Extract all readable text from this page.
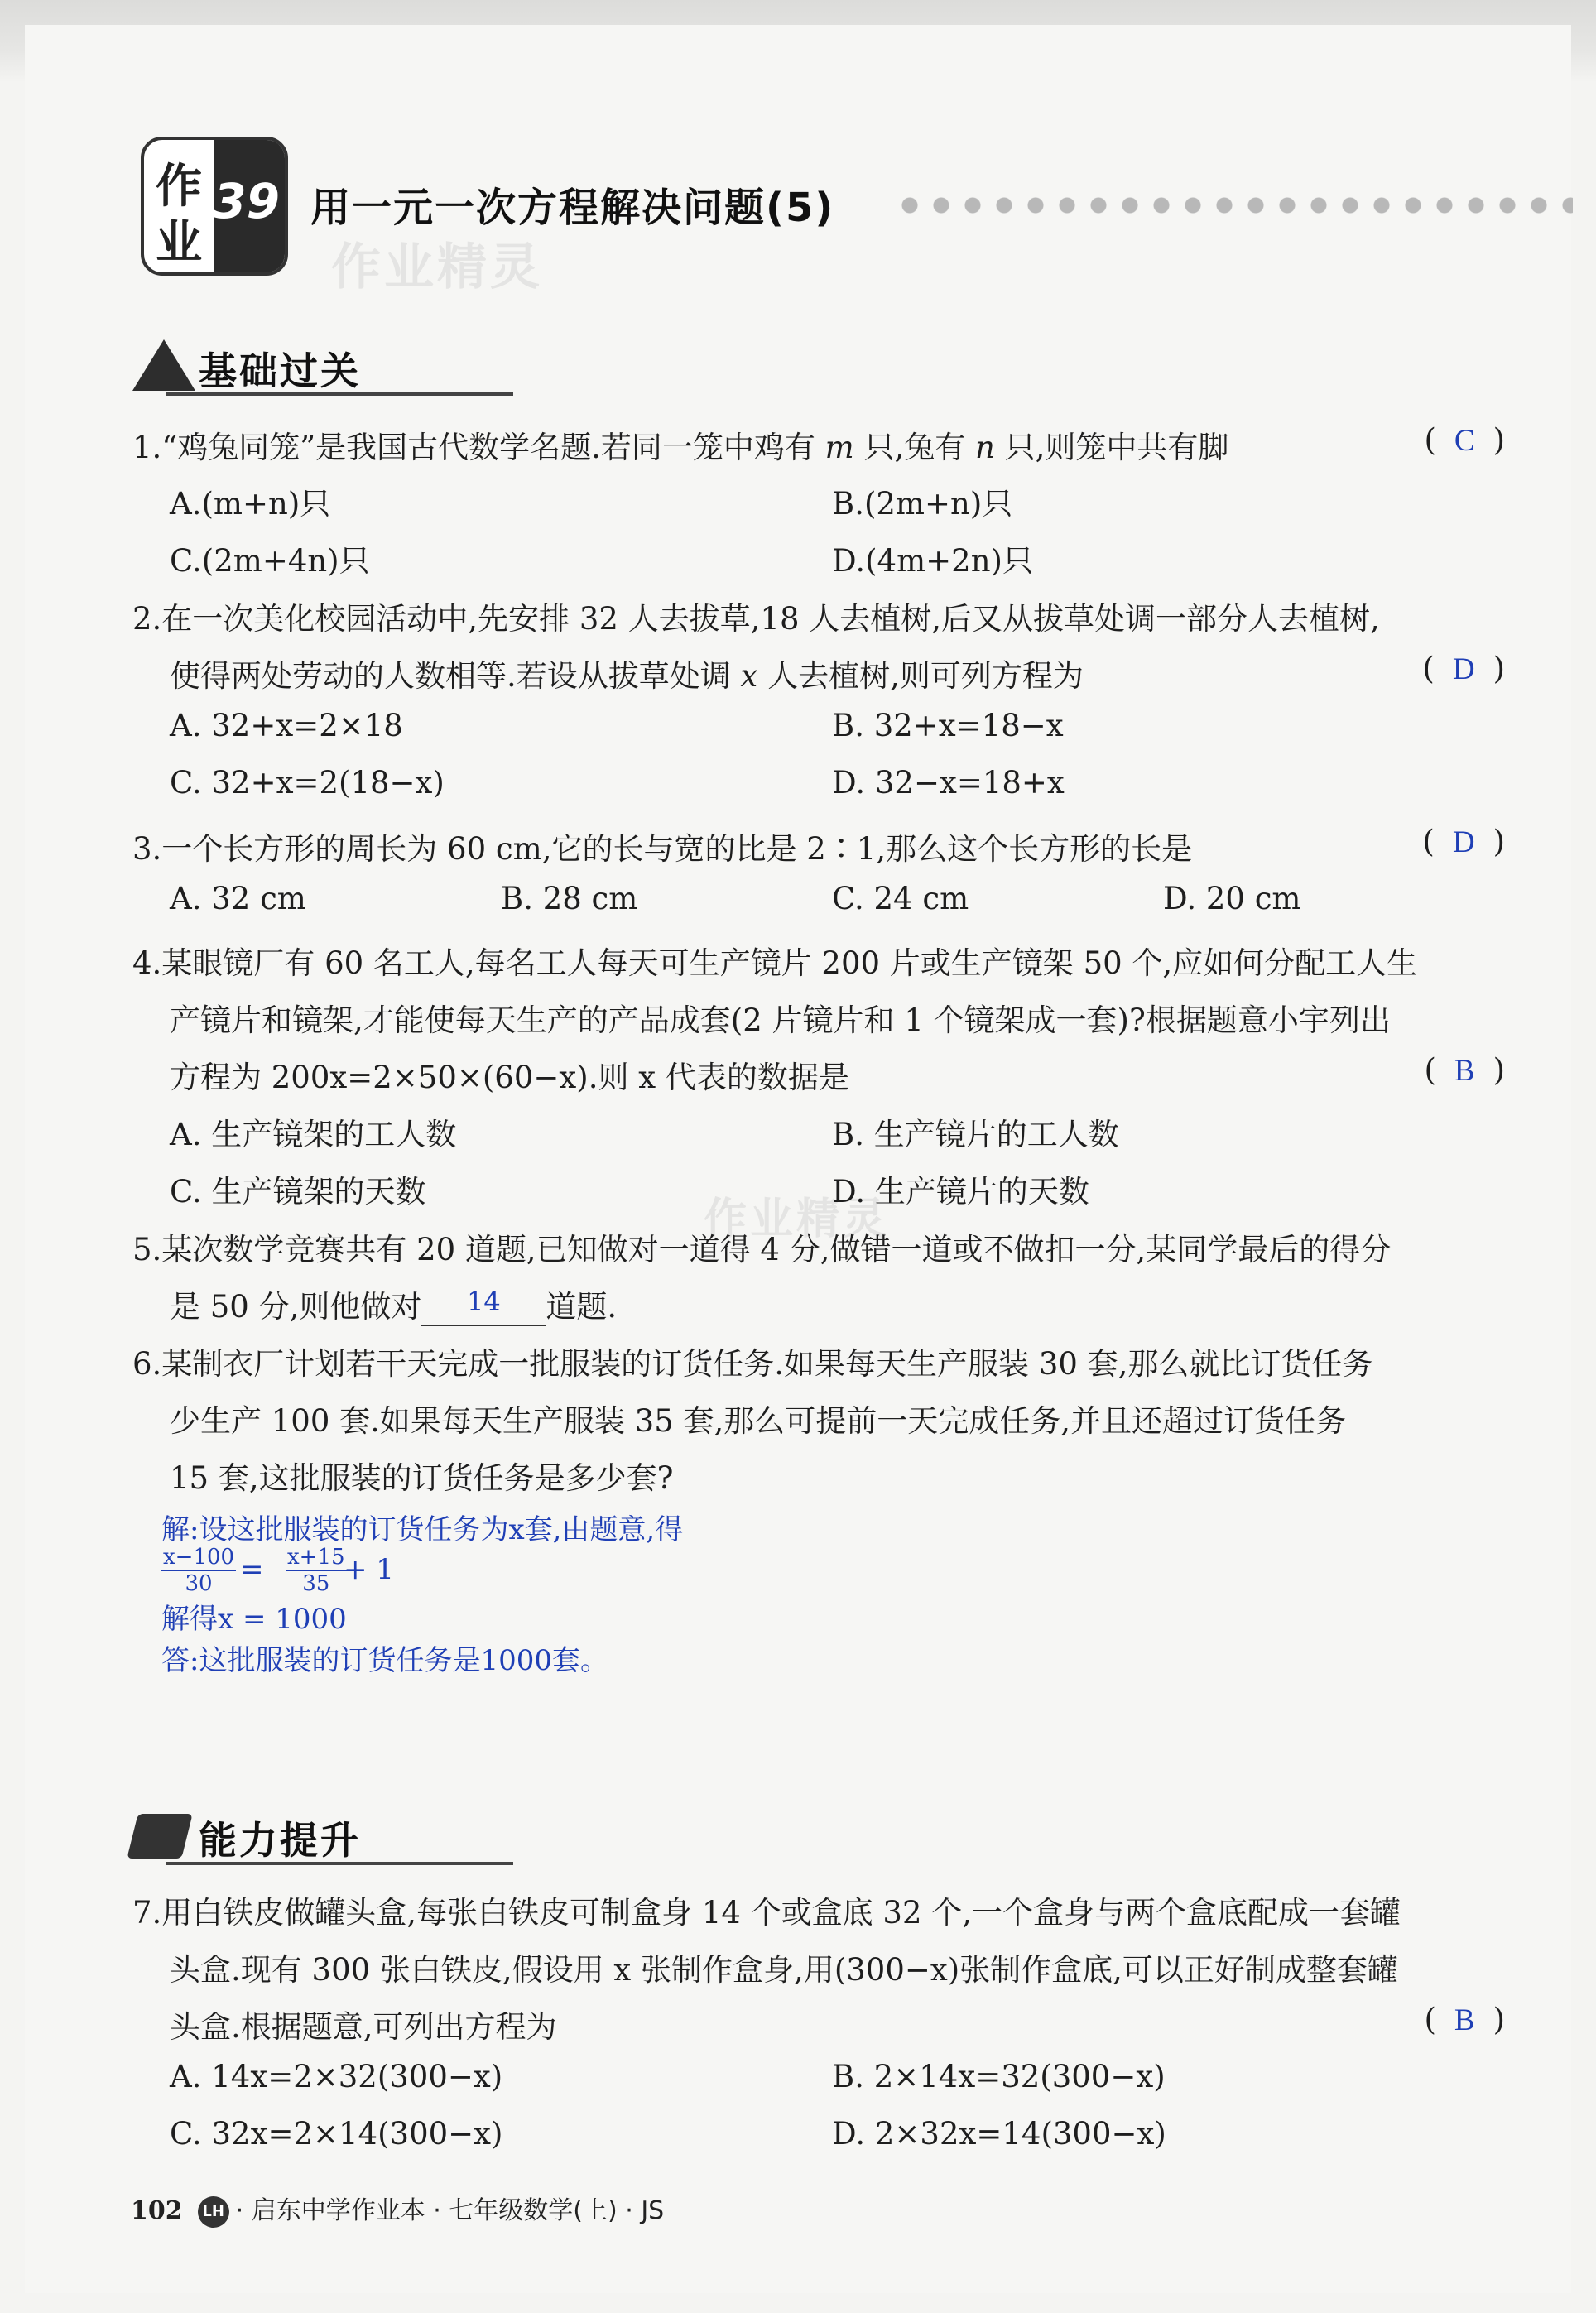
作
业
39 用一元一次方程解决问题(5)
作业精灵
作业精灵
基础过关
1.“鸡兔同笼”是我国古代数学名题.若同一笼中鸡有 m 只,兔有 n 只,则笼中共有脚	( C )
A.(m+n)只	B.(2m+n)只
C.(2m+4n)只	D.(4m+2n)只
2.在一次美化校园活动中,先安排 32 人去拔草,18 人去植树,后又从拔草处调一部分人去植树,
使得两处劳动的人数相等.若设从拔草处调 x 人去植树,则可列方程为	( D )
A. 32+x=2×18	B. 32+x=18−x
C. 32+x=2(18−x)	D. 32−x=18+x
3.一个长方形的周长为 60 cm,它的长与宽的比是 2∶1,那么这个长方形的长是	( D )
A. 32 cm	B. 28 cm	C. 24 cm	D. 20 cm
4.某眼镜厂有 60 名工人,每名工人每天可生产镜片 200 片或生产镜架 50 个,应如何分配工人生
产镜片和镜架,才能使每天生产的产品成套(2 片镜片和 1 个镜架成一套)?根据题意小宇列出
方程为 200x=2×50×(60−x).则 x 代表的数据是	( B )
A. 生产镜架的工人数	B. 生产镜片的工人数
C. 生产镜架的天数	D. 生产镜片的天数
5.某次数学竞赛共有 20 道题,已知做对一道得 4 分,做错一道或不做扣一分,某同学最后的得分
是 50 分,则他做对 14 道题.
6.某制衣厂计划若干天完成一批服装的订货任务.如果每天生产服装 30 套,那么就比订货任务
少生产 100 套.如果每天生产服装 35 套,那么可提前一天完成任务,并且还超过订货任务
15 套,这批服装的订货任务是多少套?
解:设这批服装的订货任务为x套,由题意,得
$\frac{x-100}{30} = \frac{x+15}{35}$
+ 1
解得x = 1000
答:这批服装的订货任务是1000套。
能力提升
7.用白铁皮做罐头盒,每张白铁皮可制盒身 14 个或盒底 32 个,一个盒身与两个盒底配成一套罐
头盒.现有 300 张白铁皮,假设用 x 张制作盒身,用(300−x)张制作盒底,可以正好制成整套罐
头盒.根据题意,可列出方程为	( B )
A. 14x=2×32(300−x)	B. 2×14x=32(300−x)
C. 32x=2×14(300−x)	D. 2×32x=14(300−x)
102 LH · 启东中学作业本 · 七年级数学(上) · JS
